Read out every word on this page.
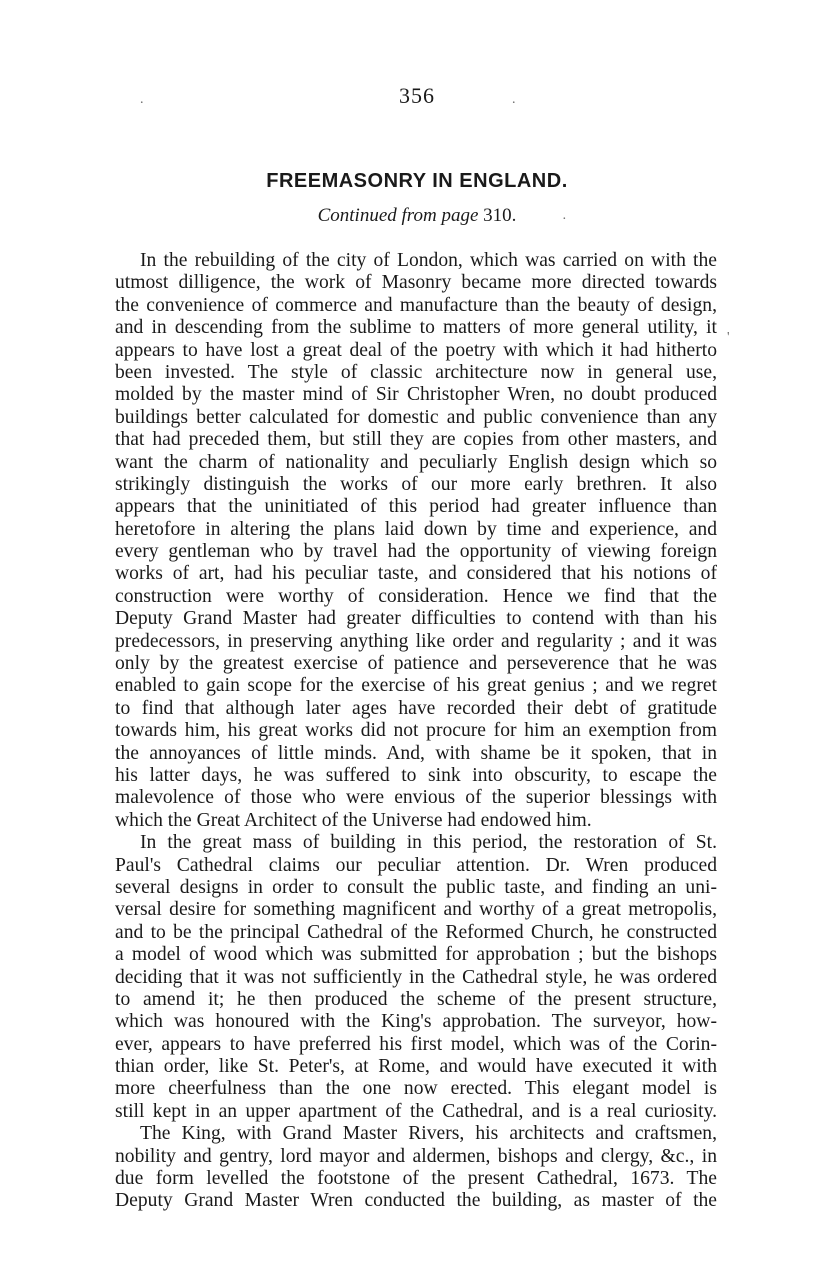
356
.
·
'
.
FREEMASONRY IN ENGLAND.
Continued from page 310.
In the rebuilding of the city of London, which was carried on with the
utmost dilligence, the work of Masonry became more directed towards
the convenience of commerce and manufacture than the beauty of design,
and in descending from the sublime to matters of more general utility, it
appears to have lost a great deal of the poetry with which it had hitherto
been invested. The style of classic architecture now in general use,
molded by the master mind of Sir Christopher Wren, no doubt produced
buildings better calculated for domestic and public convenience than any
that had preceded them, but still they are copies from other masters, and
want the charm of nationality and peculiarly English design which so
strikingly distinguish the works of our more early brethren. It also
appears that the uninitiated of this period had greater influence than
heretofore in altering the plans laid down by time and experience, and
every gentleman who by travel had the opportunity of viewing foreign
works of art, had his peculiar taste, and considered that his notions of
construction were worthy of consideration. Hence we find that the
Deputy Grand Master had greater difficulties to contend with than his
predecessors, in preserving anything like order and regularity ; and it was
only by the greatest exercise of patience and perseverence that he was
enabled to gain scope for the exercise of his great genius ; and we regret
to find that although later ages have recorded their debt of gratitude
towards him, his great works did not procure for him an exemption from
the annoyances of little minds. And, with shame be it spoken, that in
his latter days, he was suffered to sink into obscurity, to escape the
malevolence of those who were envious of the superior blessings with
which the Great Architect of the Universe had endowed him.
In the great mass of building in this period, the restoration of St.
Paul's Cathedral claims our peculiar attention. Dr. Wren produced
several designs in order to consult the public taste, and finding an uni-
versal desire for something magnificent and worthy of a great metropolis,
and to be the principal Cathedral of the Reformed Church, he constructed
a model of wood which was submitted for approbation ; but the bishops
deciding that it was not sufficiently in the Cathedral style, he was ordered
to amend it; he then produced the scheme of the present structure,
which was honoured with the King's approbation. The surveyor, how-
ever, appears to have preferred his first model, which was of the Corin-
thian order, like St. Peter's, at Rome, and would have executed it with
more cheerfulness than the one now erected. This elegant model is
still kept in an upper apartment of the Cathedral, and is a real curiosity.
The King, with Grand Master Rivers, his architects and craftsmen,
nobility and gentry, lord mayor and aldermen, bishops and clergy, &c., in
due form levelled the footstone of the present Cathedral, 1673. The
Deputy Grand Master Wren conducted the building, as master of the
